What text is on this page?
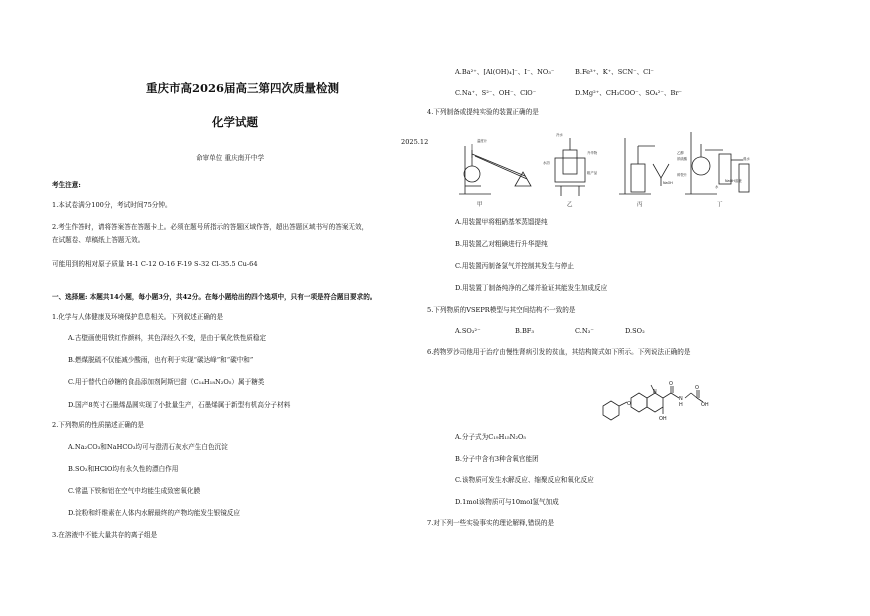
重庆市高2026届高三第四次质量检测
化学试题
2025.12
命审单位 重庆南开中学
考生注意:
1.本试卷满分100分，考试时间75分钟。
2.考生作答时，请将答案答在答题卡上。必须在题号所指示的答题区域作答，超出答题区域书写的答案无效，
在试题卷、草稿纸上答题无效。
可能用到的相对原子质量 H-1 C-12 O-16 F-19 S-32 Cl-35.5 Cu-64
一、选择题: 本题共14小题，每小题3分，共42分。在每小题给出的四个选项中，只有一项是符合题目要求的。
1.化学与人体健康及环境保护息息相关。下列叙述正确的是
A.古壁画使用铁红作颜料，其色泽经久不变，是由于氧化铁性质稳定
B.燃煤脱硫不仅能减少酸雨，也有利于实现“碳达峰”和“碳中和”
C.用于替代白砂糖的食品添加剂阿斯巴甜（C₁₄H₁₈N₂O₅）属于糖类
D.国产8英寸石墨烯晶圆实现了小批量生产，石墨烯属于新型有机高分子材料
2.下列物质的性质描述正确的是
A.Na₂CO₃和NaHCO₃均可与澄清石灰水产生白色沉淀
B.SO₂和HClO均有永久性的漂白作用
C.常温下铁和铝在空气中均能生成致密氧化膜
D.淀粉和纤维素在人体内水解最终的产物均能发生银镜反应
3.在溶液中不能大量共存的离子组是
A.Ba²⁺、[Al(OH)₄]⁻、I⁻、NO₃⁻	B.Fe³⁺、K⁺、SCN⁻、Cl⁻
C.Na⁺、S²⁻、OH⁻、ClO⁻	D.Mg²⁺、CH₃COO⁻、SO₄²⁻、Br⁻
4.下列制备或提纯实验的装置正确的是
甲	乙	丙	丁
温度计
冷水
水浴
升华物
粗产品
NaOH	NaOH溶液
溴水
乙醇
浓硫酸
碎瓷片
水
A.用装置甲将粗硝基苯蒸馏提纯
B.用装置乙对粗碘进行升华提纯
C.用装置丙制备氯气并控制其发生与停止
D.用装置丁制备纯净的乙烯并验证其能发生加成反应
5.下列物质的VSEPR模型与其空间结构不一致的是
A.SO₃²⁻	B.BF₃	C.N₃⁻	D.SO₂
6.药物罗沙司他用于治疗由慢性肾病引发的贫血，其结构简式如下所示。下列说法正确的是
O
N
O
N
H
O
OH
OH
A.分子式为C₁₉H₁₅N₂O₅
B.分子中含有3种含氧官能团
C.该物质可发生水解反应、缩聚反应和氧化反应
D.1mol该物质可与10mol氢气加成
7.对下列一些实验事实的理论解释,错误的是
